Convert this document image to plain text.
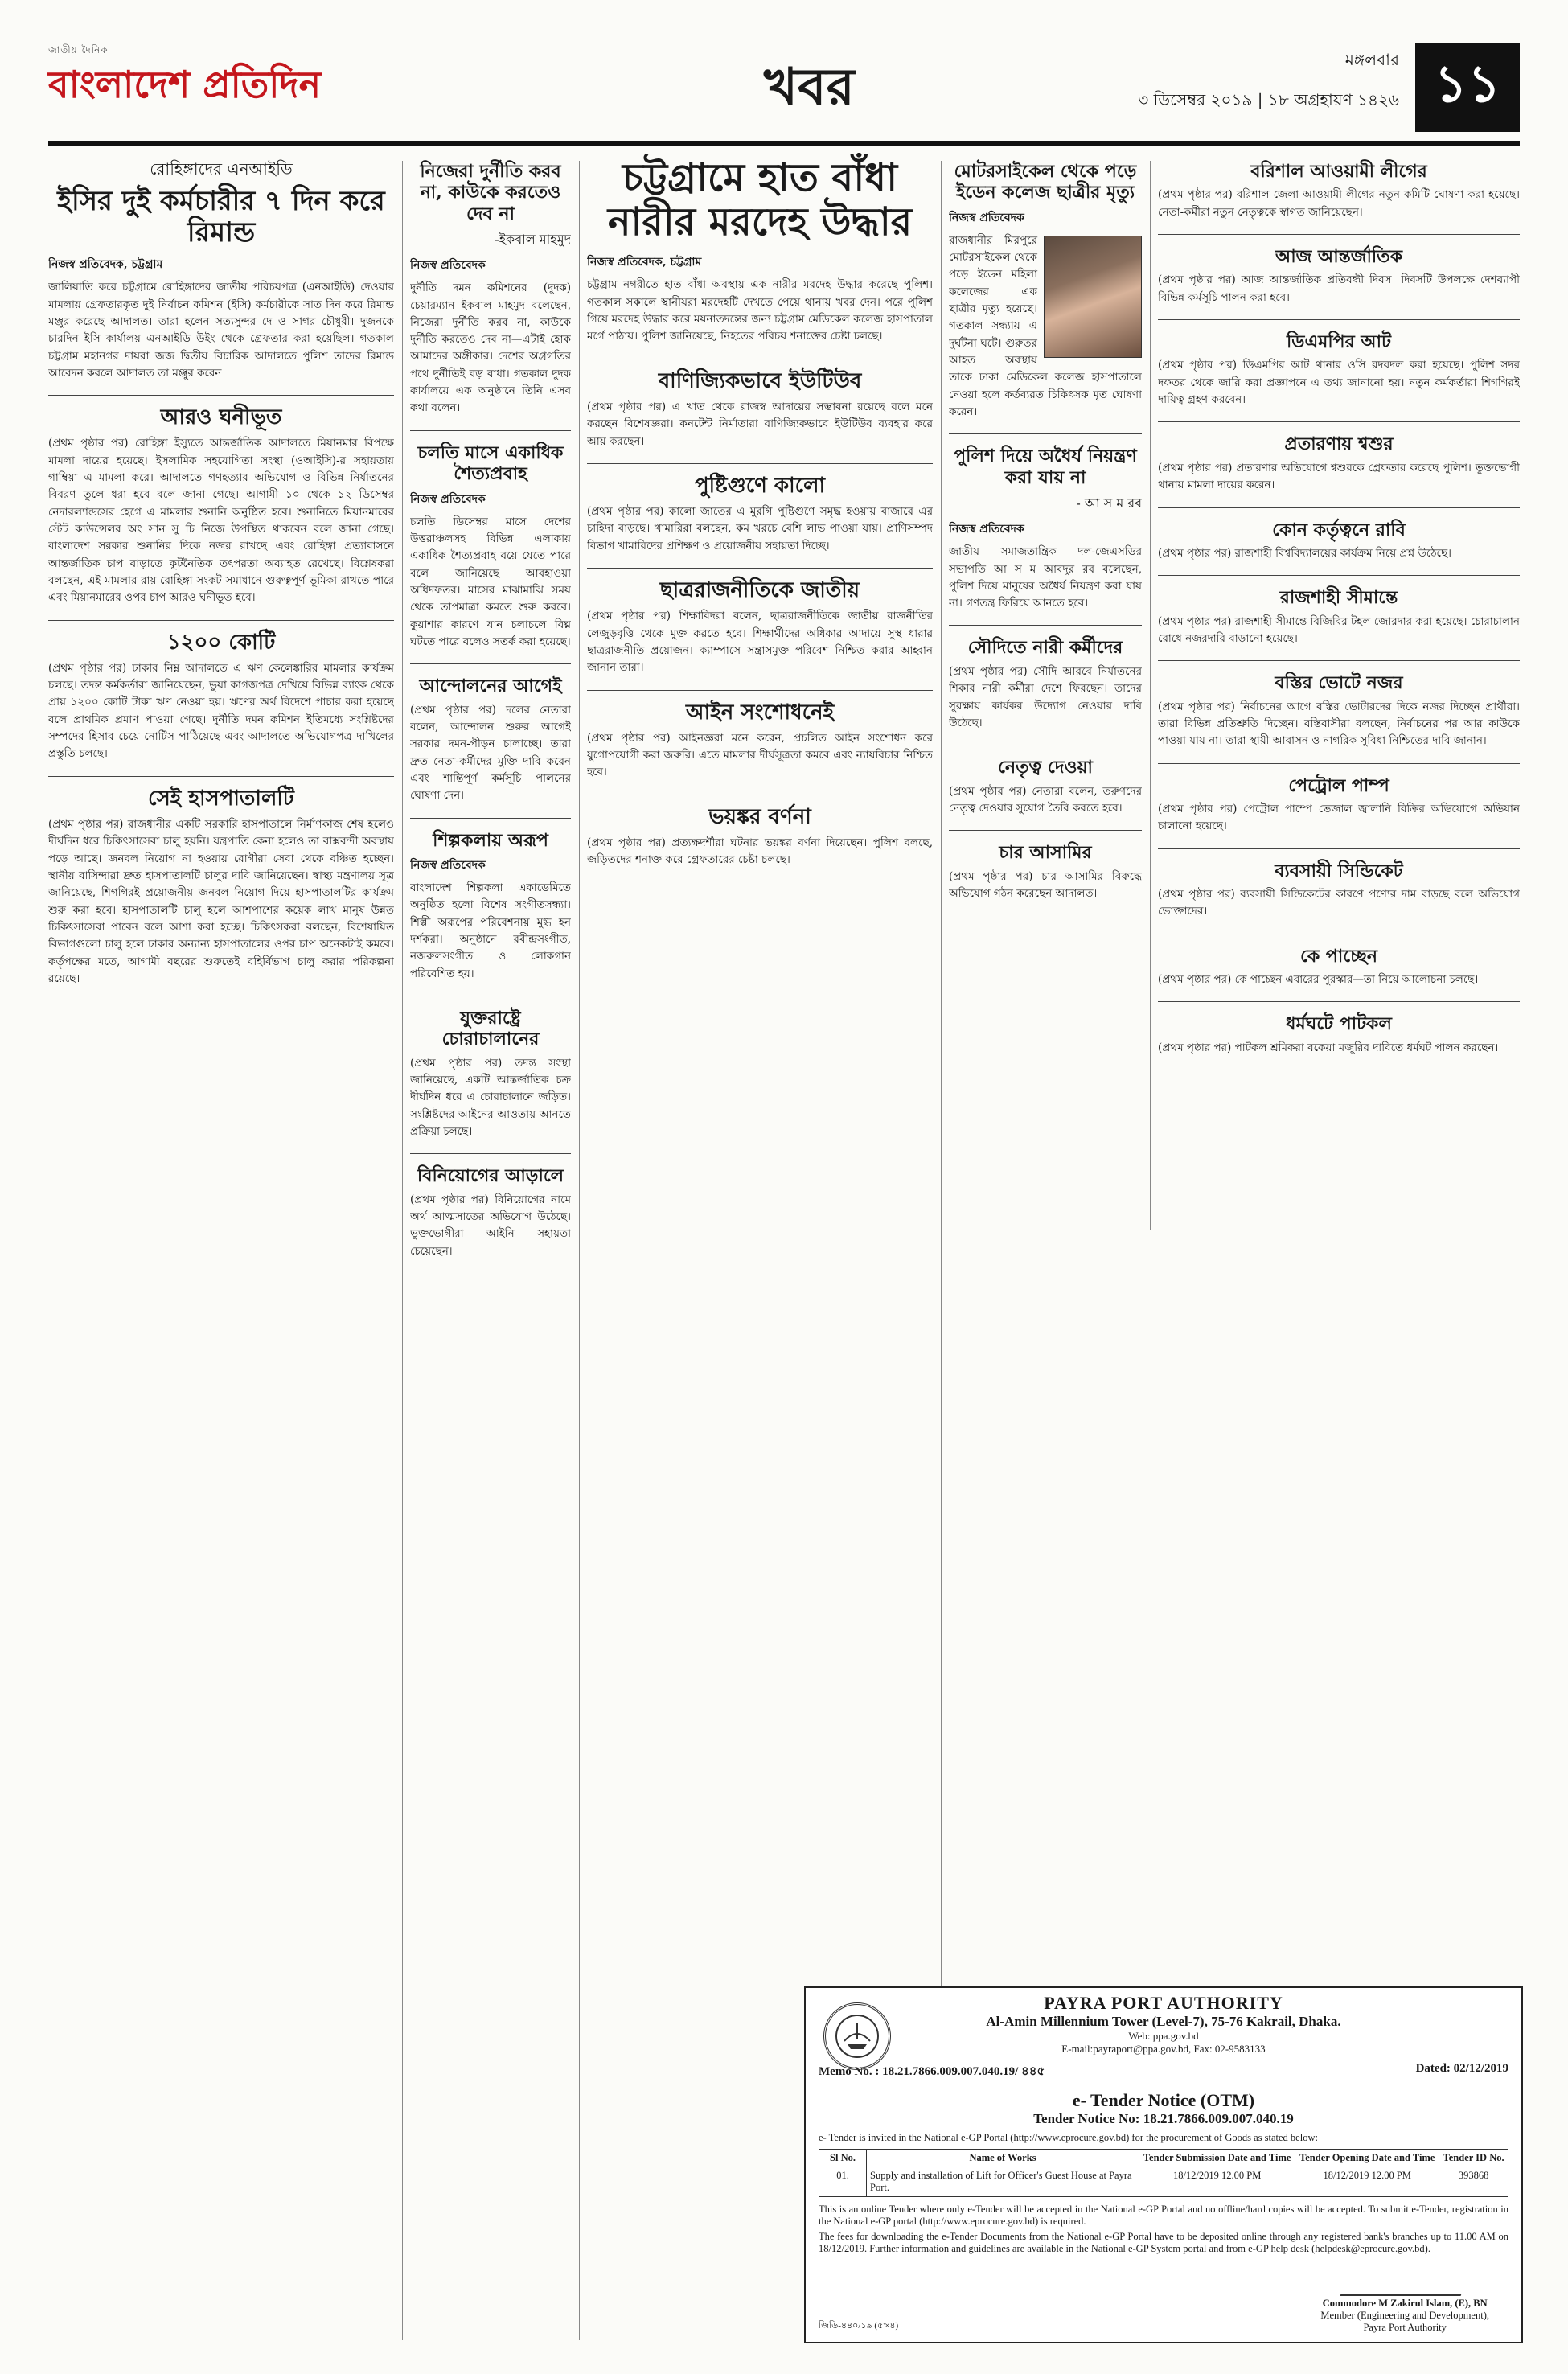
জাতীয় দৈনিক
বাংলাদেশ প্রতিদিন	খবর	মঙ্গলবার
৩ ডিসেম্বর ২০১৯ | ১৮ অগ্রহায়ণ ১৪২৬ ১১
রোহিঙ্গাদের এনআইডি
ইসির দুই কর্মচারীর ৭ দিন করে রিমান্ড
নিজস্ব প্রতিবেদক, চট্টগ্রাম

জালিয়াতি করে চট্টগ্রামে রোহিঙ্গাদের জাতীয় পরিচয়পত্র (এনআইডি) দেওয়ার মামলায় গ্রেফতারকৃত দুই নির্বাচন কমিশন (ইসি) কর্মচারীকে সাত দিন করে রিমান্ড মঞ্জুর করেছে আদালত। তারা হলেন সত্যসুন্দর দে ও সাগর চৌধুরী। দুজনকে চারদিন ইসি কার্যালয় এনআইডি উইং থেকে গ্রেফতার করা হয়েছিল। গতকাল চট্টগ্রাম মহানগর দায়রা জজ দ্বিতীয় বিচারিক আদালতে পুলিশ তাদের রিমান্ড আবেদন করলে আদালত তা মঞ্জুর করেন।

আরও ঘনীভূত

(প্রথম পৃষ্ঠার পর) রোহিঙ্গা ইস্যুতে আন্তর্জাতিক আদালতে মিয়ানমার বিপক্ষে মামলা দায়ের হয়েছে। ইসলামিক সহযোগিতা সংস্থা (ওআইসি)-র সহায়তায় গাম্বিয়া এ মামলা করে। আদালতে গণহত্যার অভিযোগ ও বিভিন্ন নির্যাতনের বিবরণ তুলে ধরা হবে বলে জানা গেছে। আগামী ১০ থেকে ১২ ডিসেম্বর নেদারল্যান্ডসের হেগে এ মামলার শুনানি অনুষ্ঠিত হবে। শুনানিতে মিয়ানমারের স্টেট কাউন্সেলর অং সান সু চি নিজে উপস্থিত থাকবেন বলে জানা গেছে। বাংলাদেশ সরকার শুনানির দিকে নজর রাখছে এবং রোহিঙ্গা প্রত্যাবাসনে আন্তর্জাতিক চাপ বাড়াতে কূটনৈতিক তৎপরতা অব্যাহত রেখেছে। বিশ্লেষকরা বলছেন, এই মামলার রায় রোহিঙ্গা সংকট সমাধানে গুরুত্বপূর্ণ ভূমিকা রাখতে পারে এবং মিয়ানমারের ওপর চাপ আরও ঘনীভূত হবে।

১২০০ কোটি

(প্রথম পৃষ্ঠার পর) ঢাকার নিম্ন আদালতে এ ঋণ কেলেঙ্কারির মামলার কার্যক্রম চলছে। তদন্ত কর্মকর্তারা জানিয়েছেন, ভুয়া কাগজপত্র দেখিয়ে বিভিন্ন ব্যাংক থেকে প্রায় ১২০০ কোটি টাকা ঋণ নেওয়া হয়। ঋণের অর্থ বিদেশে পাচার করা হয়েছে বলে প্রাথমিক প্রমাণ পাওয়া গেছে। দুর্নীতি দমন কমিশন ইতিমধ্যে সংশ্লিষ্টদের সম্পদের হিসাব চেয়ে নোটিস পাঠিয়েছে এবং আদালতে অভিযোগপত্র দাখিলের প্রস্তুতি চলছে।

সেই হাসপাতালটি

(প্রথম পৃষ্ঠার পর) রাজধানীর একটি সরকারি হাসপাতালে নির্মাণকাজ শেষ হলেও দীর্ঘদিন ধরে চিকিৎসাসেবা চালু হয়নি। যন্ত্রপাতি কেনা হলেও তা বাক্সবন্দী অবস্থায় পড়ে আছে। জনবল নিয়োগ না হওয়ায় রোগীরা সেবা থেকে বঞ্চিত হচ্ছেন। স্থানীয় বাসিন্দারা দ্রুত হাসপাতালটি চালুর দাবি জানিয়েছেন। স্বাস্থ্য মন্ত্রণালয় সূত্র জানিয়েছে, শিগগিরই প্রয়োজনীয় জনবল নিয়োগ দিয়ে হাসপাতালটির কার্যক্রম শুরু করা হবে। হাসপাতালটি চালু হলে আশপাশের কয়েক লাখ মানুষ উন্নত চিকিৎসাসেবা পাবেন বলে আশা করা হচ্ছে। চিকিৎসকরা বলছেন, বিশেষায়িত বিভাগগুলো চালু হলে ঢাকার অন্যান্য হাসপাতালের ওপর চাপ অনেকটাই কমবে। কর্তৃপক্ষের মতে, আগামী বছরের শুরুতেই বহির্বিভাগ চালু করার পরিকল্পনা রয়েছে।

নিজেরা দুর্নীতি করব না, কাউকে করতেও দেব না
-ইকবাল মাহমুদ
নিজস্ব প্রতিবেদক

দুর্নীতি দমন কমিশনের (দুদক) চেয়ারম্যান ইকবাল মাহমুদ বলেছেন, নিজেরা দুর্নীতি করব না, কাউকে দুর্নীতি করতেও দেব না—এটাই হোক আমাদের অঙ্গীকার। দেশের অগ্রগতির পথে দুর্নীতিই বড় বাধা। গতকাল দুদক কার্যালয়ে এক অনুষ্ঠানে তিনি এসব কথা বলেন।

চলতি মাসে একাধিক শৈত্যপ্রবাহ
নিজস্ব প্রতিবেদক

চলতি ডিসেম্বর মাসে দেশের উত্তরাঞ্চলসহ বিভিন্ন এলাকায় একাধিক শৈত্যপ্রবাহ বয়ে যেতে পারে বলে জানিয়েছে আবহাওয়া অধিদফতর। মাসের মাঝামাঝি সময় থেকে তাপমাত্রা কমতে শুরু করবে। কুয়াশার কারণে যান চলাচলে বিঘ্ন ঘটতে পারে বলেও সতর্ক করা হয়েছে।

আন্দোলনের আগেই

(প্রথম পৃষ্ঠার পর) দলের নেতারা বলেন, আন্দোলন শুরুর আগেই সরকার দমন-পীড়ন চালাচ্ছে। তারা দ্রুত নেতা-কর্মীদের মুক্তি দাবি করেন এবং শান্তিপূর্ণ কর্মসূচি পালনের ঘোষণা দেন।

শিল্পকলায় অরূপ
নিজস্ব প্রতিবেদক

বাংলাদেশ শিল্পকলা একাডেমিতে অনুষ্ঠিত হলো বিশেষ সংগীতসন্ধ্যা। শিল্পী অরূপের পরিবেশনায় মুগ্ধ হন দর্শকরা। অনুষ্ঠানে রবীন্দ্রসংগীত, নজরুলসংগীত ও লোকগান পরিবেশিত হয়।

যুক্তরাষ্ট্রে চোরাচালানের

(প্রথম পৃষ্ঠার পর) তদন্ত সংস্থা জানিয়েছে, একটি আন্তর্জাতিক চক্র দীর্ঘদিন ধরে এ চোরাচালানে জড়িত। সংশ্লিষ্টদের আইনের আওতায় আনতে প্রক্রিয়া চলছে।

বিনিয়োগের আড়ালে

(প্রথম পৃষ্ঠার পর) বিনিয়োগের নামে অর্থ আত্মসাতের অভিযোগ উঠেছে। ভুক্তভোগীরা আইনি সহায়তা চেয়েছেন।

চট্টগ্রামে হাত বাঁধা নারীর মরদেহ উদ্ধার
নিজস্ব প্রতিবেদক, চট্টগ্রাম

চট্টগ্রাম নগরীতে হাত বাঁধা অবস্থায় এক নারীর মরদেহ উদ্ধার করেছে পুলিশ। গতকাল সকালে স্থানীয়রা মরদেহটি দেখতে পেয়ে থানায় খবর দেন। পরে পুলিশ গিয়ে মরদেহ উদ্ধার করে ময়নাতদন্তের জন্য চট্টগ্রাম মেডিকেল কলেজ হাসপাতাল মর্গে পাঠায়। পুলিশ জানিয়েছে, নিহতের পরিচয় শনাক্তের চেষ্টা চলছে।

বাণিজ্যিকভাবে ইউটিউব

(প্রথম পৃষ্ঠার পর) এ খাত থেকে রাজস্ব আদায়ের সম্ভাবনা রয়েছে বলে মনে করছেন বিশেষজ্ঞরা। কনটেন্ট নির্মাতারা বাণিজ্যিকভাবে ইউটিউব ব্যবহার করে আয় করছেন।

পুষ্টিগুণে কালো

(প্রথম পৃষ্ঠার পর) কালো জাতের এ মুরগি পুষ্টিগুণে সমৃদ্ধ হওয়ায় বাজারে এর চাহিদা বাড়ছে। খামারিরা বলছেন, কম খরচে বেশি লাভ পাওয়া যায়। প্রাণিসম্পদ বিভাগ খামারিদের প্রশিক্ষণ ও প্রয়োজনীয় সহায়তা দিচ্ছে।

ছাত্ররাজনীতিকে জাতীয়

(প্রথম পৃষ্ঠার পর) শিক্ষাবিদরা বলেন, ছাত্ররাজনীতিকে জাতীয় রাজনীতির লেজুড়বৃত্তি থেকে মুক্ত করতে হবে। শিক্ষার্থীদের অধিকার আদায়ে সুস্থ ধারার ছাত্ররাজনীতি প্রয়োজন। ক্যাম্পাসে সন্ত্রাসমুক্ত পরিবেশ নিশ্চিত করার আহ্বান জানান তারা।

আইন সংশোধনেই

(প্রথম পৃষ্ঠার পর) আইনজ্ঞরা মনে করেন, প্রচলিত আইন সংশোধন করে যুগোপযোগী করা জরুরি। এতে মামলার দীর্ঘসূত্রতা কমবে এবং ন্যায়বিচার নিশ্চিত হবে।

ভয়ঙ্কর বর্ণনা

(প্রথম পৃষ্ঠার পর) প্রত্যক্ষদর্শীরা ঘটনার ভয়ঙ্কর বর্ণনা দিয়েছেন। পুলিশ বলছে, জড়িতদের শনাক্ত করে গ্রেফতারের চেষ্টা চলছে।

মোটরসাইকেল থেকে পড়ে ইডেন কলেজ ছাত্রীর মৃত্যু
নিজস্ব প্রতিবেদক

রাজধানীর মিরপুরে মোটরসাইকেল থেকে পড়ে ইডেন মহিলা কলেজের এক ছাত্রীর মৃত্যু হয়েছে। গতকাল সন্ধ্যায় এ দুর্ঘটনা ঘটে। গুরুতর আহত অবস্থায় তাকে ঢাকা মেডিকেল কলেজ হাসপাতালে নেওয়া হলে কর্তব্যরত চিকিৎসক মৃত ঘোষণা করেন।

পুলিশ দিয়ে অধৈর্য নিয়ন্ত্রণ করা যায় না
- আ স ম রব
নিজস্ব প্রতিবেদক

জাতীয় সমাজতান্ত্রিক দল-জেএসডির সভাপতি আ স ম আবদুর রব বলেছেন, পুলিশ দিয়ে মানুষের অধৈর্য নিয়ন্ত্রণ করা যায় না। গণতন্ত্র ফিরিয়ে আনতে হবে।

সৌদিতে নারী কর্মীদের

(প্রথম পৃষ্ঠার পর) সৌদি আরবে নির্যাতনের শিকার নারী কর্মীরা দেশে ফিরছেন। তাদের সুরক্ষায় কার্যকর উদ্যোগ নেওয়ার দাবি উঠেছে।

নেতৃত্ব দেওয়া

(প্রথম পৃষ্ঠার পর) নেতারা বলেন, তরুণদের নেতৃত্ব দেওয়ার সুযোগ তৈরি করতে হবে।

চার আসামির

(প্রথম পৃষ্ঠার পর) চার আসামির বিরুদ্ধে অভিযোগ গঠন করেছেন আদালত।

বরিশাল আওয়ামী লীগের

(প্রথম পৃষ্ঠার পর) বরিশাল জেলা আওয়ামী লীগের নতুন কমিটি ঘোষণা করা হয়েছে। নেতা-কর্মীরা নতুন নেতৃত্বকে স্বাগত জানিয়েছেন।

আজ আন্তর্জাতিক

(প্রথম পৃষ্ঠার পর) আজ আন্তর্জাতিক প্রতিবন্ধী দিবস। দিবসটি উপলক্ষে দেশব্যাপী বিভিন্ন কর্মসূচি পালন করা হবে।

ডিএমপির আট

(প্রথম পৃষ্ঠার পর) ডিএমপির আট থানার ওসি রদবদল করা হয়েছে। পুলিশ সদর দফতর থেকে জারি করা প্রজ্ঞাপনে এ তথ্য জানানো হয়। নতুন কর্মকর্তারা শিগগিরই দায়িত্ব গ্রহণ করবেন।

প্রতারণায় শ্বশুর

(প্রথম পৃষ্ঠার পর) প্রতারণার অভিযোগে শ্বশুরকে গ্রেফতার করেছে পুলিশ। ভুক্তভোগী থানায় মামলা দায়ের করেন।

কোন কর্তৃত্বনে রাবি

(প্রথম পৃষ্ঠার পর) রাজশাহী বিশ্ববিদ্যালয়ের কার্যক্রম নিয়ে প্রশ্ন উঠেছে।

রাজশাহী সীমান্তে

(প্রথম পৃষ্ঠার পর) রাজশাহী সীমান্তে বিজিবির টহল জোরদার করা হয়েছে। চোরাচালান রোধে নজরদারি বাড়ানো হয়েছে।

বস্তির ভোটে নজর

(প্রথম পৃষ্ঠার পর) নির্বাচনের আগে বস্তির ভোটারদের দিকে নজর দিচ্ছেন প্রার্থীরা। তারা বিভিন্ন প্রতিশ্রুতি দিচ্ছেন। বস্তিবাসীরা বলছেন, নির্বাচনের পর আর কাউকে পাওয়া যায় না। তারা স্থায়ী আবাসন ও নাগরিক সুবিধা নিশ্চিতের দাবি জানান।

পেট্রোল পাম্প

(প্রথম পৃষ্ঠার পর) পেট্রোল পাম্পে ভেজাল জ্বালানি বিক্রির অভিযোগে অভিযান চালানো হয়েছে।

ব্যবসায়ী সিন্ডিকেট

(প্রথম পৃষ্ঠার পর) ব্যবসায়ী সিন্ডিকেটের কারণে পণ্যের দাম বাড়ছে বলে অভিযোগ ভোক্তাদের।

কে পাচ্ছেন

(প্রথম পৃষ্ঠার পর) কে পাচ্ছেন এবারের পুরস্কার—তা নিয়ে আলোচনা চলছে।

ধর্মঘটে পাটকল

(প্রথম পৃষ্ঠার পর) পাটকল শ্রমিকরা বকেয়া মজুরির দাবিতে ধর্মঘট পালন করছেন।

PAYRA PORT AUTHORITY
Al-Amin Millennium Tower (Level-7), 75-76 Kakrail, Dhaka.
Web: ppa.gov.bd
E-mail:payraport@ppa.gov.bd, Fax: 02-9583133
Memo No. : 18.21.7866.009.007.040.19/ ৪৪৫	Dated: 02/12/2019
e- Tender Notice (OTM)
Tender Notice No: 18.21.7866.009.007.040.19
e- Tender is invited in the National e-GP Portal (http://www.eprocure.gov.bd) for the procurement of Goods as stated below:
Sl No.	Name of Works	Tender Submission Date and Time	Tender Opening Date and Time	Tender ID No.
01.	Supply and installation of Lift for Officer's Guest House at Payra Port.	18/12/2019 12.00 PM	18/12/2019 12.00 PM	393868
This is an online Tender where only e-Tender will be accepted in the National e-GP Portal and no offline/hard copies will be accepted. To submit e-Tender, registration in the National e-GP portal (http://www.eprocure.gov.bd) is required.
The fees for downloading the e-Tender Documents from the National e-GP Portal have to be deposited online through any registered bank's branches up to 11.00 AM on 18/12/2019. Further information and guidelines are available in the National e-GP System portal and from e-GP help desk (helpdesk@eprocure.gov.bd).
জিডি-৪৪০/১৯ (৫'×৪)
Commodore M Zakirul Islam, (E), BN
Member (Engineering and Development),
Payra Port Authority
